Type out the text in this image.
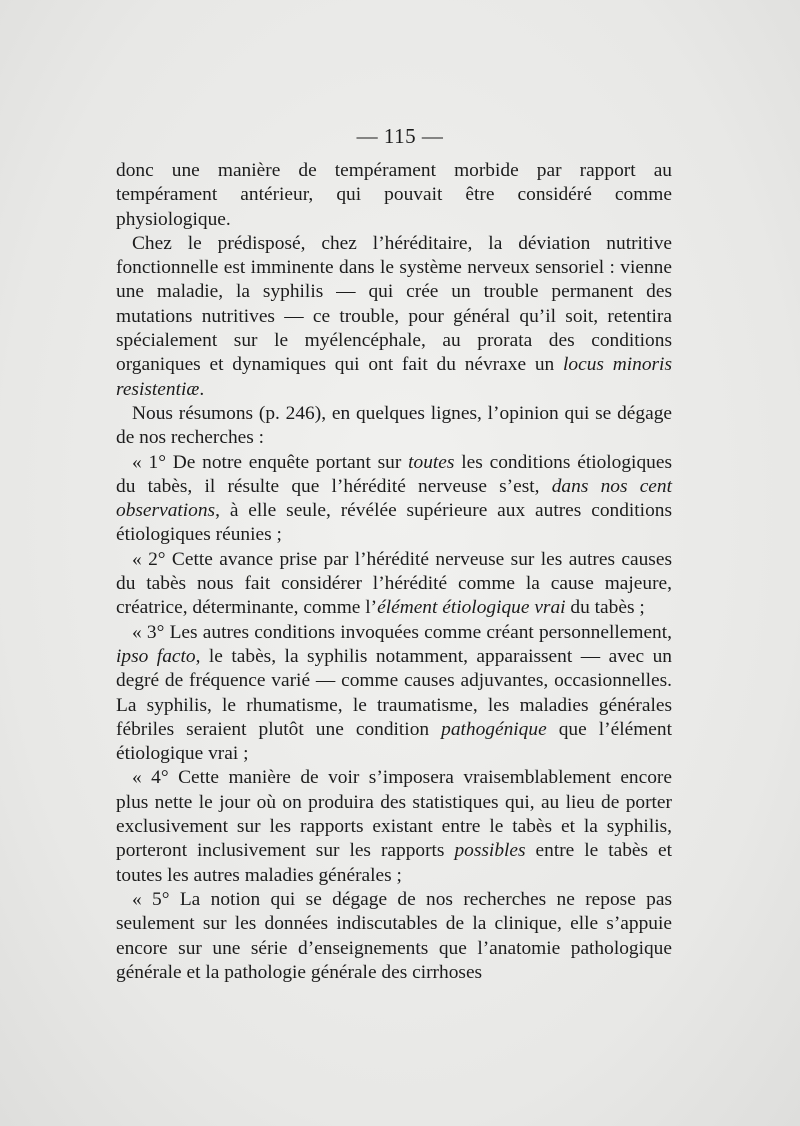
— 115 —

donc une manière de tempérament morbide par rapport au tempérament antérieur, qui pouvait être considéré comme physiologique.

Chez le prédisposé, chez l’héréditaire, la déviation nutritive fonctionnelle est imminente dans le système nerveux sensoriel : vienne une maladie, la syphilis — qui crée un trouble permanent des mutations nutritives — ce trouble, pour général qu’il soit, retentira spécialement sur le myélencéphale, au prorata des conditions organiques et dynamiques qui ont fait du névraxe un locus minoris resistentiæ.

Nous résumons (p. 246), en quelques lignes, l’opinion qui se dégage de nos recherches :

« 1° De notre enquête portant sur toutes les conditions étiologiques du tabès, il résulte que l’hérédité nerveuse s’est, dans nos cent observations, à elle seule, révélée supérieure aux autres conditions étiologiques réunies ;

« 2° Cette avance prise par l’hérédité nerveuse sur les autres causes du tabès nous fait considérer l’hérédité comme la cause majeure, créatrice, déterminante, comme l’élément étiologique vrai du tabès ;

« 3° Les autres conditions invoquées comme créant personnellement, ipso facto, le tabès, la syphilis notamment, apparaissent — avec un degré de fréquence varié — comme causes adjuvantes, occasionnelles. La syphilis, le rhumatisme, le traumatisme, les maladies générales fébriles seraient plutôt une condition pathogénique que l’élément étiologique vrai ;

« 4° Cette manière de voir s’imposera vraisemblablement encore plus nette le jour où on produira des statistiques qui, au lieu de porter exclusivement sur les rapports existant entre le tabès et la syphilis, porteront inclusivement sur les rapports possibles entre le tabès et toutes les autres maladies générales ;

« 5° La notion qui se dégage de nos recherches ne repose pas seulement sur les données indiscutables de la clinique, elle s’appuie encore sur une série d’enseignements que l’anatomie pathologique générale et la pathologie générale des cirrhoses
